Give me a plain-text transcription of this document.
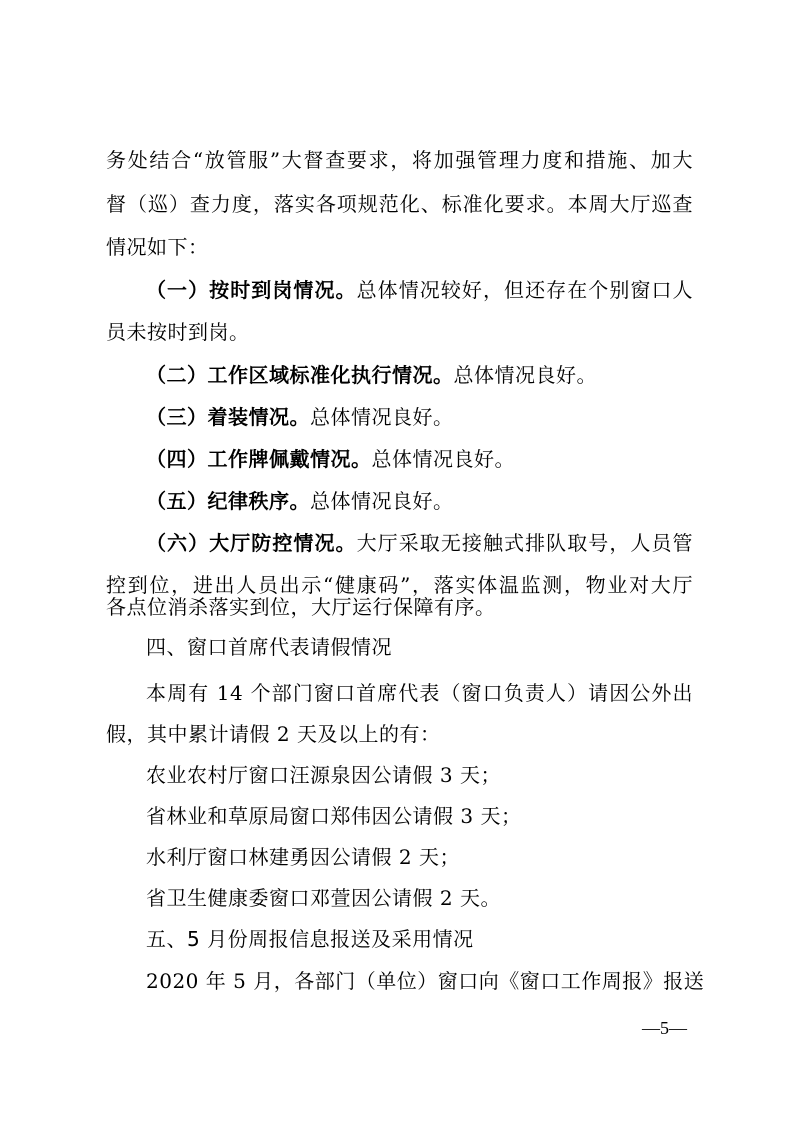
务处结合“放管服”大督查要求，将加强管理力度和措施、加大
督（巡）查力度，落实各项规范化、标准化要求。本周大厅巡查
情况如下：
（一）按时到岗情况。总体情况较好，但还存在个别窗口人
员未按时到岗。
（二）工作区域标准化执行情况。总体情况良好。
（三）着装情况。总体情况良好。
（四）工作牌佩戴情况。总体情况良好。
（五）纪律秩序。总体情况良好。
（六）大厅防控情况。大厅采取无接触式排队取号，人员管
控到位，进出人员出示“健康码”，落实体温监测，物业对大厅
各点位消杀落实到位，大厅运行保障有序。
四、窗口首席代表请假情况
本周有 14 个部门窗口首席代表（窗口负责人）请因公外出
假，其中累计请假 2 天及以上的有：
农业农村厅窗口汪源泉因公请假 3 天；
省林业和草原局窗口郑伟因公请假 3 天；
水利厅窗口林建勇因公请假 2 天；
省卫生健康委窗口邓萱因公请假 2 天。
—5—
五、5 月份周报信息报送及采用情况
2020 年 5 月，各部门（单位）窗口向《窗口工作周报》报送
